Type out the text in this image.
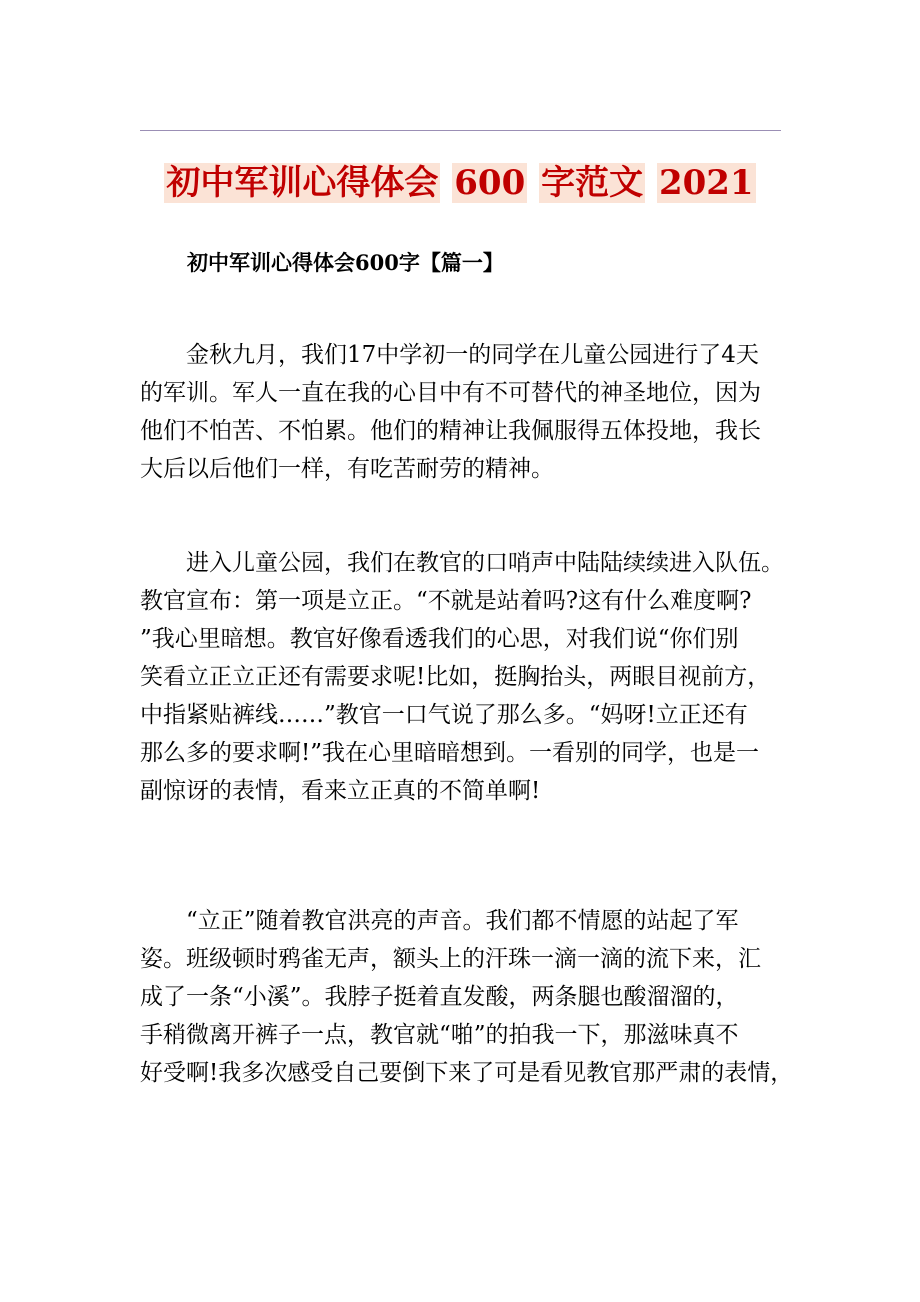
初中军训心得体会 600 字范文 2021
初中军训心得体会600字【篇一】
金秋九月，我们17中学初一的同学在儿童公园进行了4天
的军训。军人一直在我的心目中有不可替代的神圣地位，因为
他们不怕苦、不怕累。他们的精神让我佩服得五体投地，我长
大后以后他们一样，有吃苦耐劳的精神。
进入儿童公园，我们在教官的口哨声中陆陆续续进入队伍。
教官宣布：第一项是立正。“不就是站着吗?这有什么难度啊?
”我心里暗想。教官好像看透我们的心思，对我们说“你们别
笑看立正立正还有需要求呢!比如，挺胸抬头，两眼目视前方，
中指紧贴裤线……”教官一口气说了那么多。“妈呀!立正还有
那么多的要求啊!”我在心里暗暗想到。一看别的同学，也是一
副惊讶的表情，看来立正真的不简单啊!
“立正”随着教官洪亮的声音。我们都不情愿的站起了军
姿。班级顿时鸦雀无声，额头上的汗珠一滴一滴的流下来，汇
成了一条“小溪”。我脖子挺着直发酸，两条腿也酸溜溜的，
手稍微离开裤子一点，教官就“啪”的拍我一下，那滋味真不
好受啊!我多次感受自己要倒下来了可是看见教官那严肃的表情，
